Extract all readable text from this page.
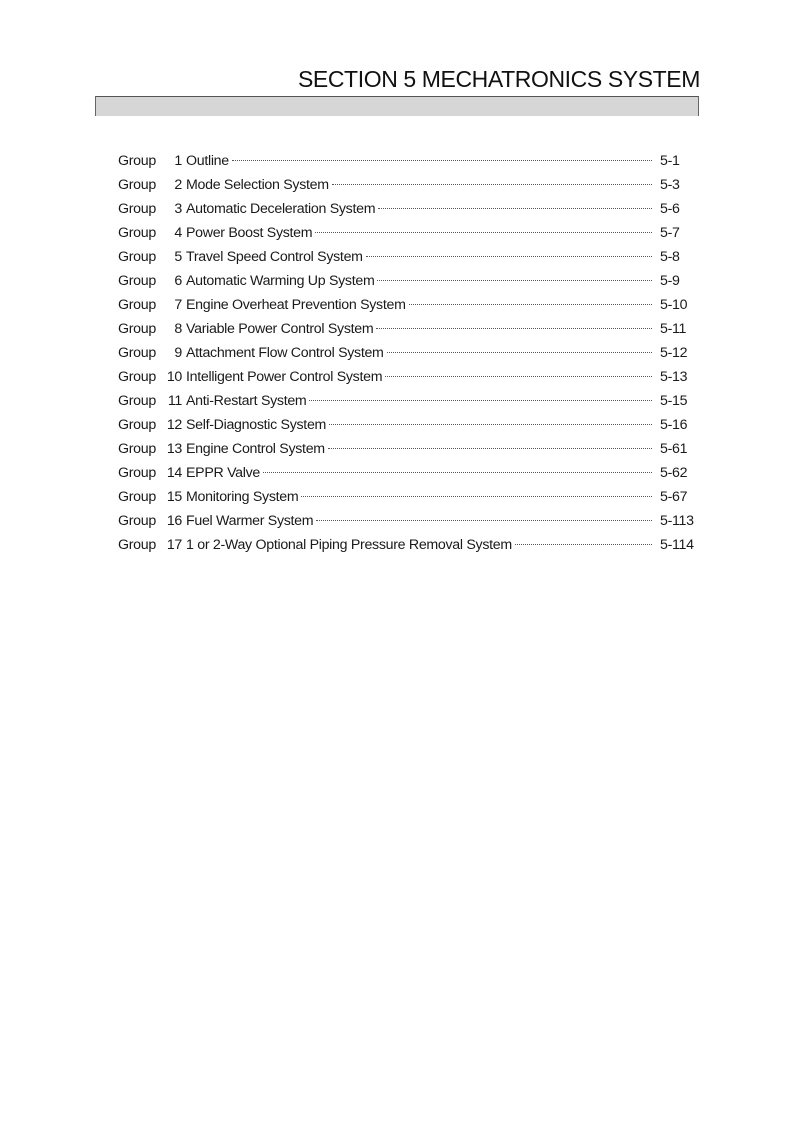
SECTION 5 MECHATRONICS SYSTEM
Group	1 Outline	5-1
Group	2 Mode Selection System	5-3
Group	3 Automatic Deceleration System	5-6
Group	4 Power Boost System	5-7
Group	5 Travel Speed Control System	5-8
Group	6 Automatic Warming Up System	5-9
Group	7 Engine Overheat Prevention System	5-10
Group	8 Variable Power Control System	5-11
Group	9 Attachment Flow Control System	5-12
Group 10 Intelligent Power Control System	5-13
Group 11 Anti-Restart System	5-15
Group 12 Self-Diagnostic System	5-16
Group 13 Engine Control System	5-61
Group 14 EPPR Valve	5-62
Group 15 Monitoring System	5-67
Group 16 Fuel Warmer System	5-113
Group 17 1 or 2-Way Optional Piping Pressure Removal System	5-114
